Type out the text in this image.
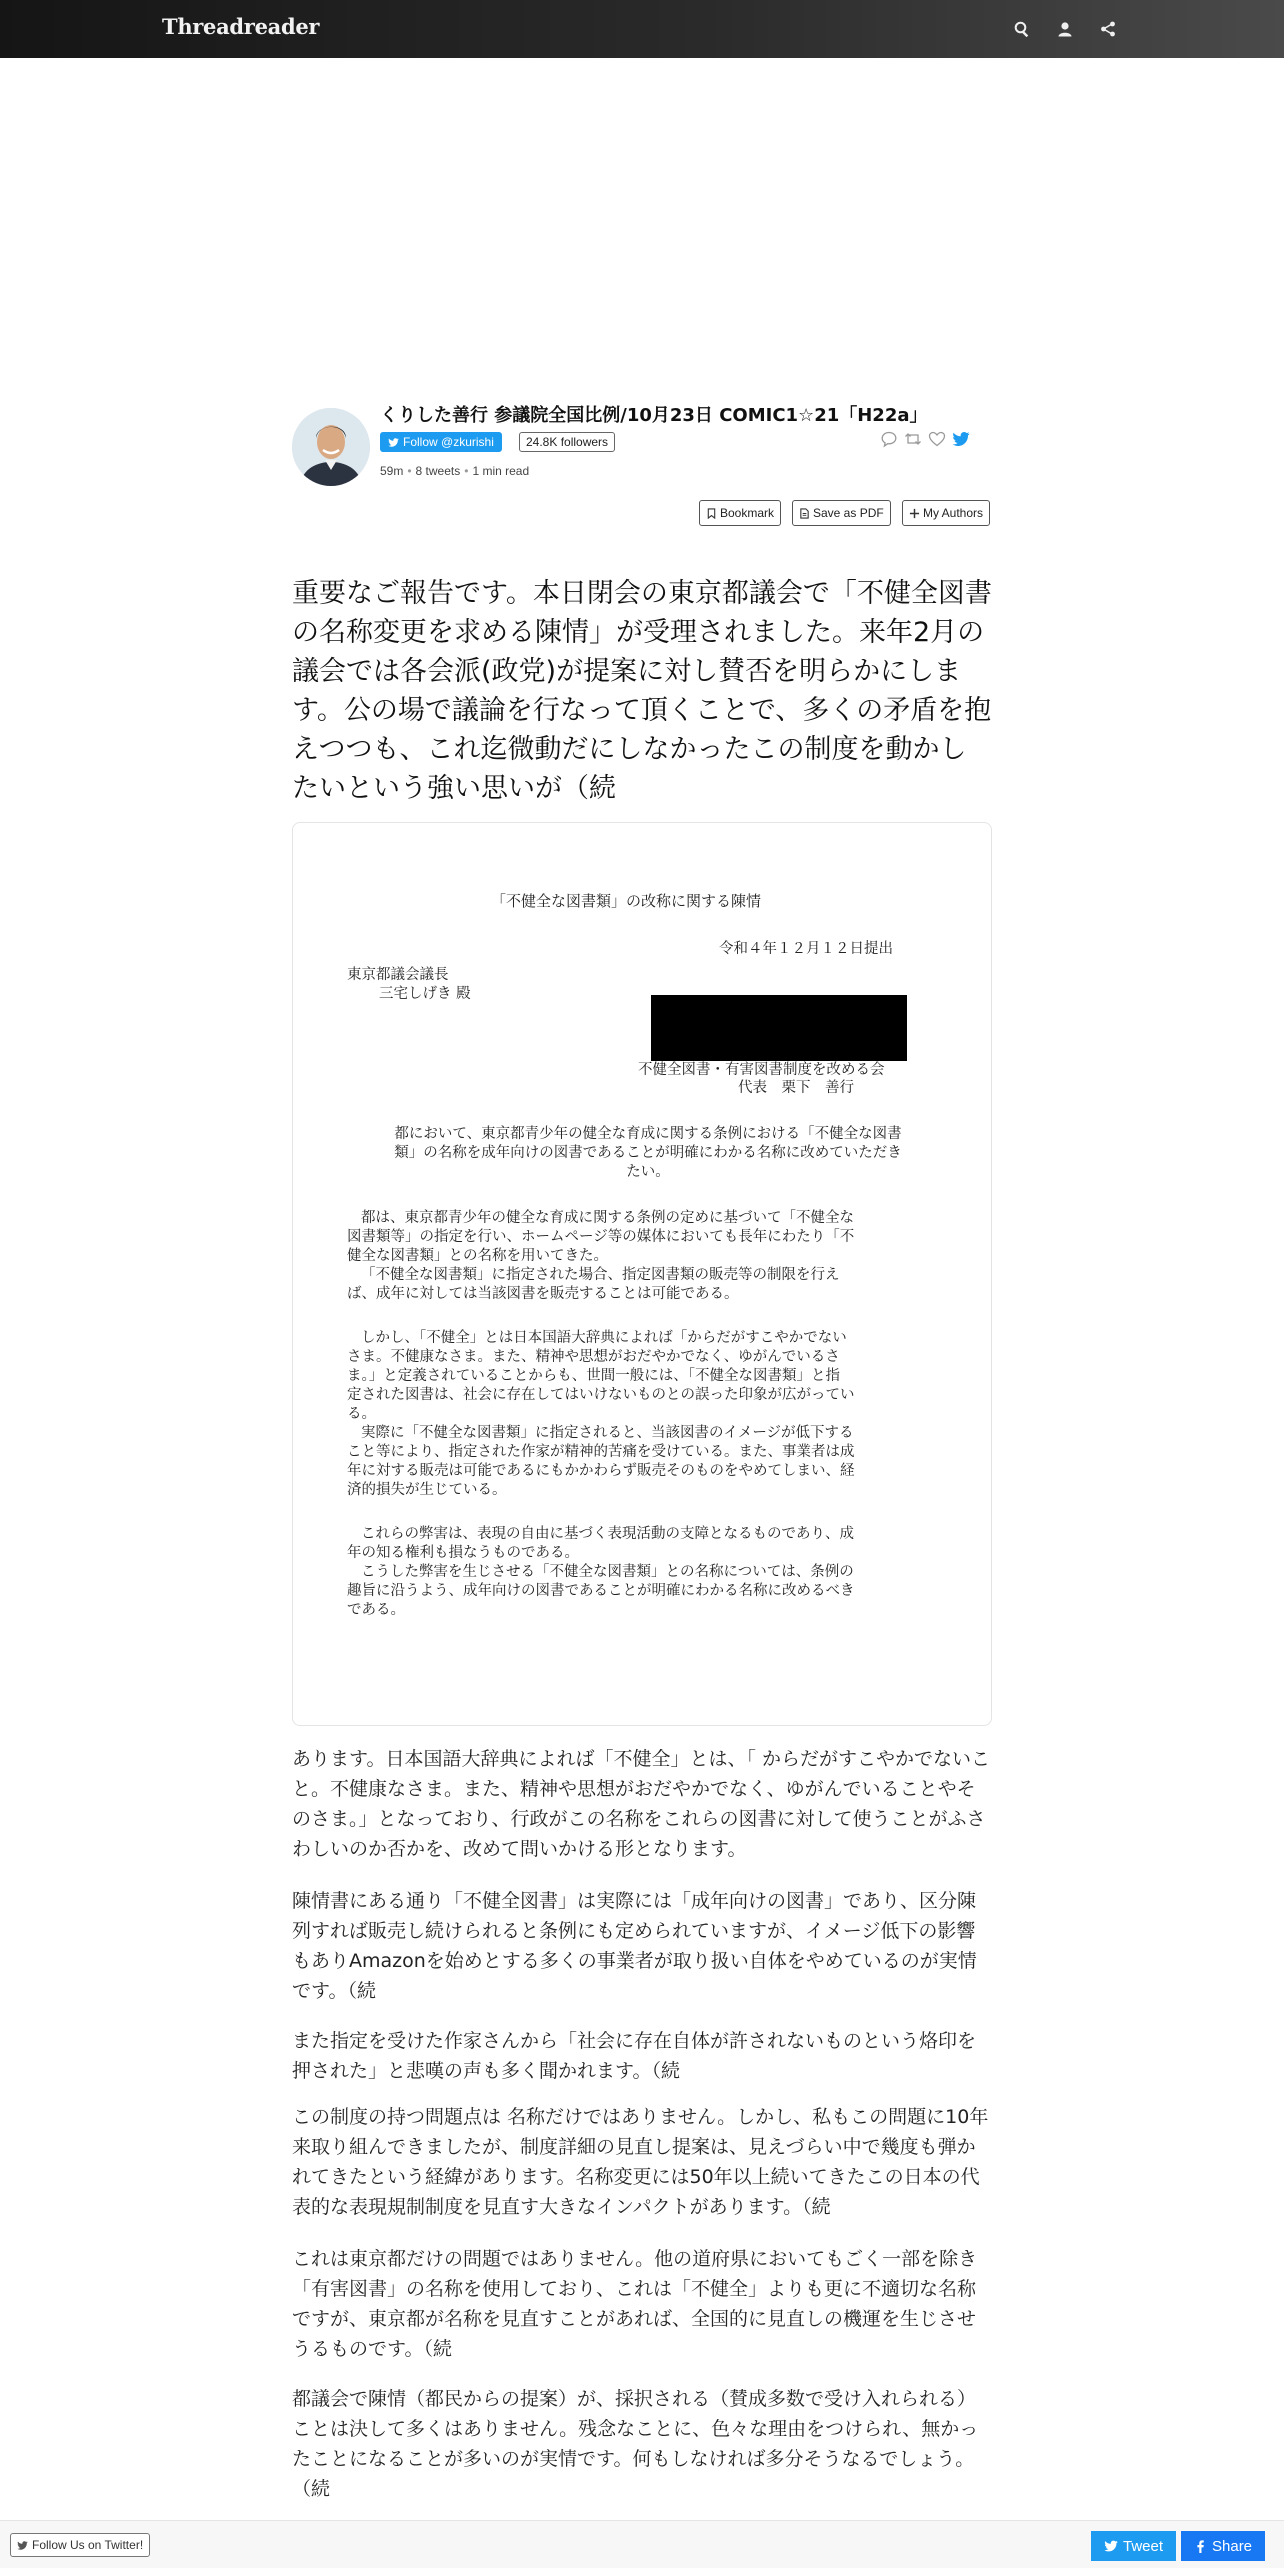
Threadreader
くりした善行 参議院全国比例/10月23日 COMIC1☆21「H22a」
Follow @zkurishi	24.8K followers
59m • 8 tweets • 1 min read
Bookmark	Save as PDF	My Authors
重要なご報告です。本日閉会の東京都議会で「不健全図書の名称変更を求める陳情」が受理されました。来年2月の議会では各会派(政党)が提案に対し賛否を明らかにします。公の場で議論を行なって頂くことで、多くの矛盾を抱えつつも、これ迄微動だにしなかったこの制度を動かしたいという強い思いが（続
「不健全な図書類」の改称に関する陳情
令和４年１２月１２日提出
東京都議会議長
三宅しげき 殿
不健全図書・有害図書制度を改める会
代表　栗下　善行
都において、東京都青少年の健全な育成に関する条例における「不健全な図書
類」の名称を成年向けの図書であることが明確にわかる名称に改めていただき
たい。
都は、東京都青少年の健全な育成に関する条例の定めに基づいて「不健全な
図書類等」の指定を行い、ホームページ等の媒体においても長年にわたり「不
健全な図書類」との名称を用いてきた。
「不健全な図書類」に指定された場合、指定図書類の販売等の制限を行え
ば、成年に対しては当該図書を販売することは可能である。
しかし、「不健全」とは日本国語大辞典によれば「からだがすこやかでない
さま。不健康なさま。また、精神や思想がおだやかでなく、ゆがんでいるさ
ま。」と定義されていることからも、世間一般には、「不健全な図書類」と指
定された図書は、社会に存在してはいけないものとの誤った印象が広がってい
る。
実際に「不健全な図書類」に指定されると、当該図書のイメージが低下する
こと等により、指定された作家が精神的苦痛を受けている。また、事業者は成
年に対する販売は可能であるにもかかわらず販売そのものをやめてしまい、経
済的損失が生じている。
これらの弊害は、表現の自由に基づく表現活動の支障となるものであり、成
年の知る権利も損なうものである。
こうした弊害を生じさせる「不健全な図書類」との名称については、条例の
趣旨に沿うよう、成年向けの図書であることが明確にわかる名称に改めるべき
である。
あります。日本国語大辞典によれば「不健全」とは、「 からだがすこやかでないこと。不健康なさま。また、精神や思想がおだやかでなく、ゆがんでいることやそのさま。」となっており、行政がこの名称をこれらの図書に対して使うことがふさわしいのか否かを、改めて問いかける形となります。
陳情書にある通り「不健全図書」は実際には「成年向けの図書」であり、区分陳列すれば販売し続けられると条例にも定められていますが、イメージ低下の影響もありAmazonを始めとする多くの事業者が取り扱い自体をやめているのが実情です。（続
また指定を受けた作家さんから「社会に存在自体が許されないものという烙印を押された」と悲嘆の声も多く聞かれます。（続
この制度の持つ問題点は 名称だけではありません。しかし、私もこの問題に10年来取り組んできましたが、制度詳細の見直し提案は、見えづらい中で幾度も弾かれてきたという経緯があります。名称変更には50年以上続いてきたこの日本の代表的な表現規制制度を見直す大きなインパクトがあります。（続
これは東京都だけの問題ではありません。他の道府県においてもごく一部を除き「有害図書」の名称を使用しており、これは「不健全」よりも更に不適切な名称ですが、東京都が名称を見直すことがあれば、全国的に見直しの機運を生じさせうるものです。（続
都議会で陳情（都民からの提案）が、採択される（賛成多数で受け入れられる）ことは決して多くはありません。残念なことに、色々な理由をつけられ、無かったことになることが多いのが実情です。何もしなければ多分そうなるでしょう。（続
Follow Us on Twitter!	Tweet	Share
